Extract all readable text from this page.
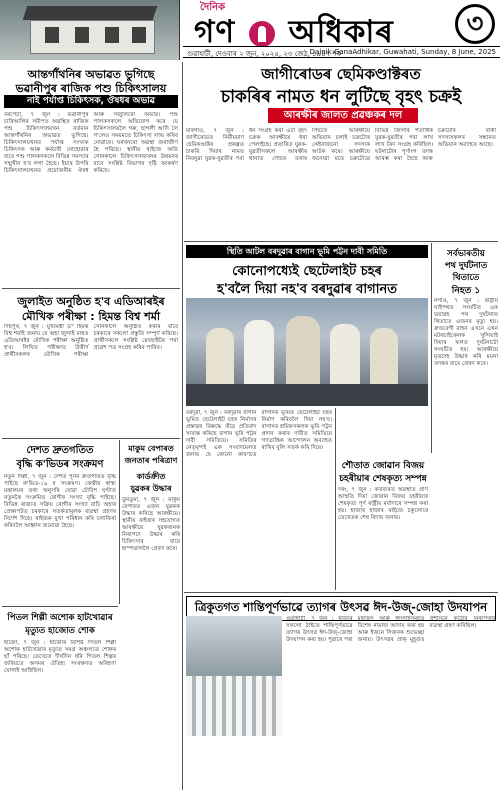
দৈনিক
গণ অধিকাৰ	৩
গুৱাহাটী, দেওবাৰ ২ জুন, ২০২৫, ২৩ জেঠ, ১৯৪৭ শক
Dainik GanaAdhikar, Guwahati, Sunday, 8 June, 2025
আন্তৰ্গাঁথনিৰ অভাৱত ভুগিছে
ভৱানীপুৰ ৰাজিক পশু চিকিৎসালয়
নাই পৰ্যাপ্ত চিকিৎসক, ঔষধৰ অভাৱ
বৰপেটা, ৭ জুন : ভৱানীপুৰ চাৰিআলিৰ সমীপত অৱস্থিত ৰাজিক পশু চিকিৎসালয়খন বৰ্তমান আন্তৰ্গাঁথনিৰ অভাৱত ভুগিছে। চিকিৎসালয়খনত পৰ্যাপ্ত সংখ্যক চিকিৎসক আৰু কৰ্মচাৰী নোহোৱাৰ বাবে পশু পালকসকলে বিভিন্ন সমস্যাৰ সন্মুখীন হ'ব লগা হৈছে। ইয়াৰ উপৰি চিকিৎসালয়খনত প্ৰয়োজনীয় ঔষধ আৰু সঁজুলিৰো অভাৱ। পশু পালকসকলে অভিযোগ কৰে যে চিকিৎসালয়লৈ গৰু, ছাগলী আদি লৈ গ'লেও সময়মতে চিকিৎসা লাভ কৰিব নোৱাৰে। ঘৰখনৰো অৱস্থা জৰাজীৰ্ণ হৈ পৰিছে। স্থানীয় ৰাইজে অতি সোনকালে চিকিৎসালয়খনৰ উন্নয়নৰ বাবে সংশ্লিষ্ট বিভাগৰ দৃষ্টি আকৰ্ষণ কৰিছে।
জুলাইত অনুষ্ঠিত হ'ব এডিআৰইৰ
মৌখিক পৰীক্ষা : হিমন্ত বিশ্ব শৰ্মা
দিছপুৰ, ৭ জুন : মুখ্যমন্ত্ৰী ড° হিমন্ত বিশ্ব শৰ্মাই জনায় যে অহা জুলাই মাহত এডিআৰইৰ মৌখিক পৰীক্ষা অনুষ্ঠিত হ'ব। লিখিত পৰীক্ষাত উত্তীৰ্ণ প্ৰাৰ্থীসকলৰ মৌখিক পৰীক্ষা সোনকালে অনুষ্ঠিত কৰাৰ বাবে চৰকাৰে সকলো প্ৰস্তুতি সম্পূৰ্ণ কৰিছে। প্ৰাৰ্থীসকলে সংশ্লিষ্ট ৱেবছাইটৰ পৰা প্ৰৱেশ পত্ৰ সংগ্ৰহ কৰিব পাৰিব।
দেশত দ্ৰুতগতিত
বৃদ্ধি ক'ভিডৰ সংক্ৰমণ
নতুন দিল্লী, ৭ জুন : দেশত পুনৰ দ্ৰুতগতিত বৃদ্ধি পাইছে ক'ভিড-১৯ ৰ সংক্ৰমণ। কেন্দ্ৰীয় স্বাস্থ্য মন্ত্ৰালয়ৰ তথ্য অনুসৰি যোৱা চৌবিশ ঘণ্টাত নতুনকৈ সংক্ৰমিত ৰোগীৰ সংখ্যা বৃদ্ধি পাইছে। বিভিন্ন ৰাজ্যত সক্ৰিয় ৰোগীৰ সংখ্যা বাঢ়ি অহাৰ প্ৰেক্ষাপটত চৰকাৰে সতৰ্কতামূলক ব্যৱস্থা গ্ৰহণৰ নিৰ্দেশ দিছে। ৰাইজক মুখা পৰিধান কৰি চলাফিৰা কৰিবলৈ আহ্বান জনোৱা হৈছে।
মাকুম বেপাৰত
জনতাৰ পৰিত্ৰাণ
কাৰ্ডক্ৰীত
যুৱকৰ উদ্ধাৰ
ডুমডুমা, ৭ জুন : মাকুম বেপাৰত এজন যুৱকক উদ্ধাৰ কৰিছে আৰক্ষীয়ে। স্থানীয় ৰাইজৰ সহযোগত আৰক্ষীয়ে যুৱকজনক নিৰাপদে উদ্ধাৰ কৰি চিকিৎসাৰ বাবে হাস্পতাললৈ প্ৰেৰণ কৰে।
পিতল শিল্পী অশোক হাটখোৱাৰ
মৃত্যুত হাজোত শোক
হাজো, ৭ জুন : হাজোৰ বিশিষ্ট পিতল শিল্পী অশোক হাটখোৱাৰ মৃত্যুত সমগ্ৰ অঞ্চলতে শোকৰ ছাঁ পৰিছে। তেখেতে দীৰ্ঘদিন ধৰি পিতল শিল্পৰ জৰিয়তে অসমৰ ঐতিহ্য সংৰক্ষণত অৰিহণা যোগাই আহিছিল।
জাগীৰোডৰ ছেমিকণ্ডাক্টৰত
চাকৰিৰ নামত ধন লুটিছে বৃহৎ চক্ৰই
আৰক্ষীৰ জালত প্ৰৱঞ্চকৰ দল
মৰিগাঁও, ৭ জুন : জাগীৰোডত নিৰ্মীয়মাণ ছেমিকণ্ডাক্টৰ প্ৰকল্পত চাকৰি দিয়াৰ নামত নিবনুৱা যুৱক-যুৱতীৰ পৰা ধন সংগ্ৰহ কৰা এটা বৃহৎ চক্ৰক আৰক্ষীয়ে ধৰা পেলাইছে। প্ৰতাৰিত যুৱক-যুৱতীসকলে আৰক্ষীৰ থানাত গোচৰ তৰাৰ পিছতে আৰক্ষীয়ে অভিযান চলাই চক্ৰটোৰ কেইবাজনো সদস্যক আটক কৰে। আৰক্ষীয়ে জনোৱা মতে চক্ৰটোৱে বিভিন্ন জিলাৰ শতাধিক যুৱক-যুৱতীৰ পৰা লাখ লাখ টকা সংগ্ৰহ কৰিছিল। ঘটনাটোৰ পূৰ্ণাংগ তদন্ত আৰম্ভ কৰা হৈছে আৰু চক্ৰটোৰ বাকী সদস্যসকলৰ সন্ধানত অভিযান অব্যাহত আছে।
সৰ্বভাৰতীয়
পথ দুৰ্ঘটনাত
থিতাতে
নিহত ১
নগাঁও, ৭ জুন : ৰাষ্ট্ৰীয় ঘাইপথত সংঘটিত এক ভয়াৱহ পথ দুৰ্ঘটনাত থিতাতে এজনৰ মৃত্যু হয়। দ্ৰুতবেগী বাহন এখনে এখন মটৰচাইকেলক খুন্দিয়াই দিয়াৰ ফলত দুৰ্ঘটনাটো সংঘটিত হয়। আৰক্ষীয়ে মৃতদেহ উদ্ধাৰ কৰি ময়না তদন্তৰ বাবে প্ৰেৰণ কৰে।
স্থিতি আটল বৰদুৱাৰ বাগান ভূমি পট্টন দাবী সমিতি
কোনোপধ্যেই ছেটেলাইট চহৰ
হ'বলৈ দিয়া নহ'ব বৰদুৱাৰ বাগানত
বৰদুৱা, ৭ জুন : বৰদুৱাৰ বাগান ভূমিত ছেটেলাইট চহৰ নিৰ্মাণৰ প্ৰস্তাৱৰ বিৰুদ্ধে তীব্ৰ প্ৰতিবাদ সাব্যস্ত কৰিছে বাগান ভূমি পট্টন দাবী সমিতিয়ে। সমিতিৰ নেতৃবৃন্দই এক সংবাদমেলত জনায় যে কোনো কাৰণতে বাগানৰ ভূমিত ছেটেলাইট চহৰ নিৰ্মাণ কৰিবলৈ দিয়া নহ'ব। বাগানৰ শ্ৰমিকসকলক ভূমি পট্টন প্ৰদান কৰাৰ দাবীত সমিতিয়ে গণতান্ত্ৰিক আন্দোলন অব্যাহত ৰাখিব বুলি সতৰ্ক কৰি দিয়ে।
শৌতাত জোৱান বিজয়
চহৰীয়াৰ শেষকৃত্য সম্পন্ন
দৰং, ৭ জুন : কৰ্তব্যৰত অৱস্থাত প্ৰাণ আহুতি দিয়া জোৱান বিজয় চহৰীয়াৰ শেষকৃত্য পূৰ্ণ ৰাষ্ট্ৰীয় মৰ্যাদাৰে সম্পন্ন কৰা হয়। হাজাৰ হাজাৰ ৰাইজে চকুলোৰে তেখেতক শেষ বিদায় জনায়।
ত্ৰিকুতগত শান্তিপূৰ্ণভাৱে ত্যাগৰ উৎসৱ ঈদ-উজ্-জোহা উদযাপন
গুৱাহাটী, ৭ জুন : ৰাজ্যৰ সকলো ঠাইতে শান্তিপূৰ্ণভাৱে ত্যাগৰ উৎসৱ ঈদ-উজ্-জোহা উদযাপন কৰা হয়। পুৱাৰে পৰা মছজিদ আৰু ঈদগাহসমূহত বিশেষ নামাজ আদায় কৰা হয় আৰু ইজনে সিজনক শুভেচ্ছা জনায়। উৎসৱৰ প্ৰাক্ মুহূৰ্তত প্ৰশাসনে কঠোৰ নিৰাপত্তাৰ ব্যৱস্থা গ্ৰহণ কৰিছিল।
